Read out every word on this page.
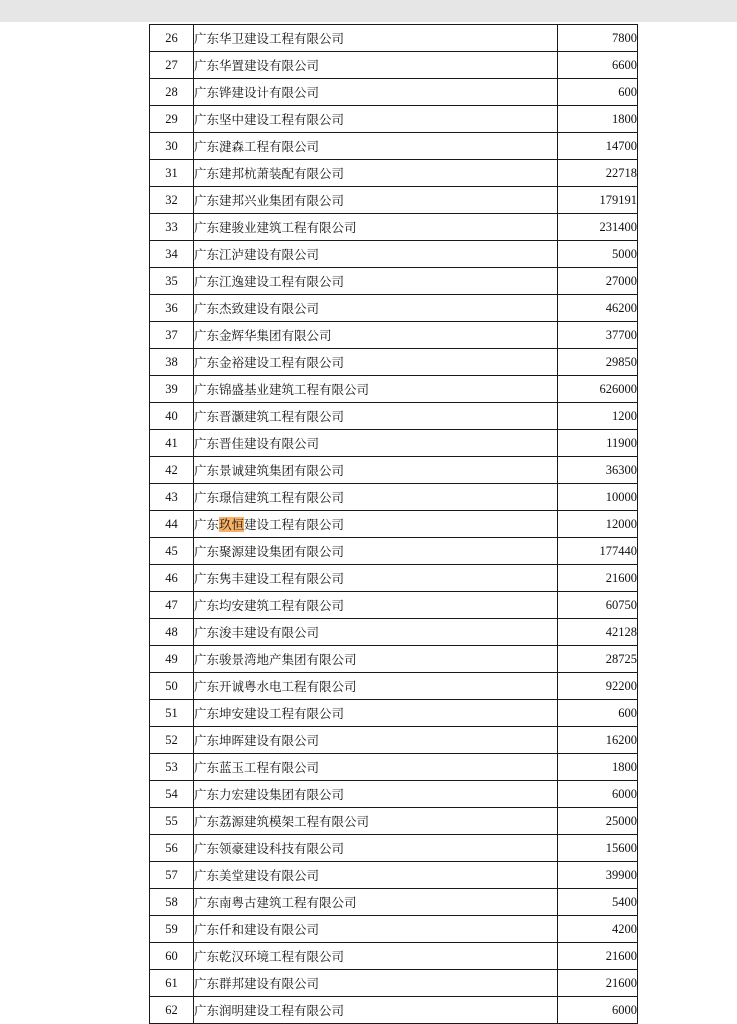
26	广东华卫建设工程有限公司	7800
27	广东华置建设有限公司	6600
28	广东铧建设计有限公司	600
29	广东坚中建设工程有限公司	1800
30	广东湕森工程有限公司	14700
31	广东建邦杭萧装配有限公司	22718
32	广东建邦兴业集团有限公司	179191
33	广东建骏业建筑工程有限公司	231400
34	广东江泸建设有限公司	5000
35	广东江逸建设工程有限公司	27000
36	广东杰致建设有限公司	46200
37	广东金辉华集团有限公司	37700
38	广东金裕建设工程有限公司	29850
39	广东锦盛基业建筑工程有限公司	626000
40	广东晋灏建筑工程有限公司	1200
41	广东晋佳建设有限公司	11900
42	广东景诚建筑集团有限公司	36300
43	广东璟信建筑工程有限公司	10000
44	广东玖恒建设工程有限公司	12000
45	广东聚源建设集团有限公司	177440
46	广东隽丰建设工程有限公司	21600
47	广东均安建筑工程有限公司	60750
48	广东浚丰建设有限公司	42128
49	广东骏景湾地产集团有限公司	28725
50	广东开诚粤水电工程有限公司	92200
51	广东坤安建设工程有限公司	600
52	广东坤晖建设有限公司	16200
53	广东蓝玉工程有限公司	1800
54	广东力宏建设集团有限公司	6000
55	广东荔源建筑模架工程有限公司	25000
56	广东领豪建设科技有限公司	15600
57	广东美堂建设有限公司	39900
58	广东南粤古建筑工程有限公司	5400
59	广东仟和建设有限公司	4200
60	广东乾汉环境工程有限公司	21600
61	广东群邦建设有限公司	21600
62	广东润明建设工程有限公司	6000
